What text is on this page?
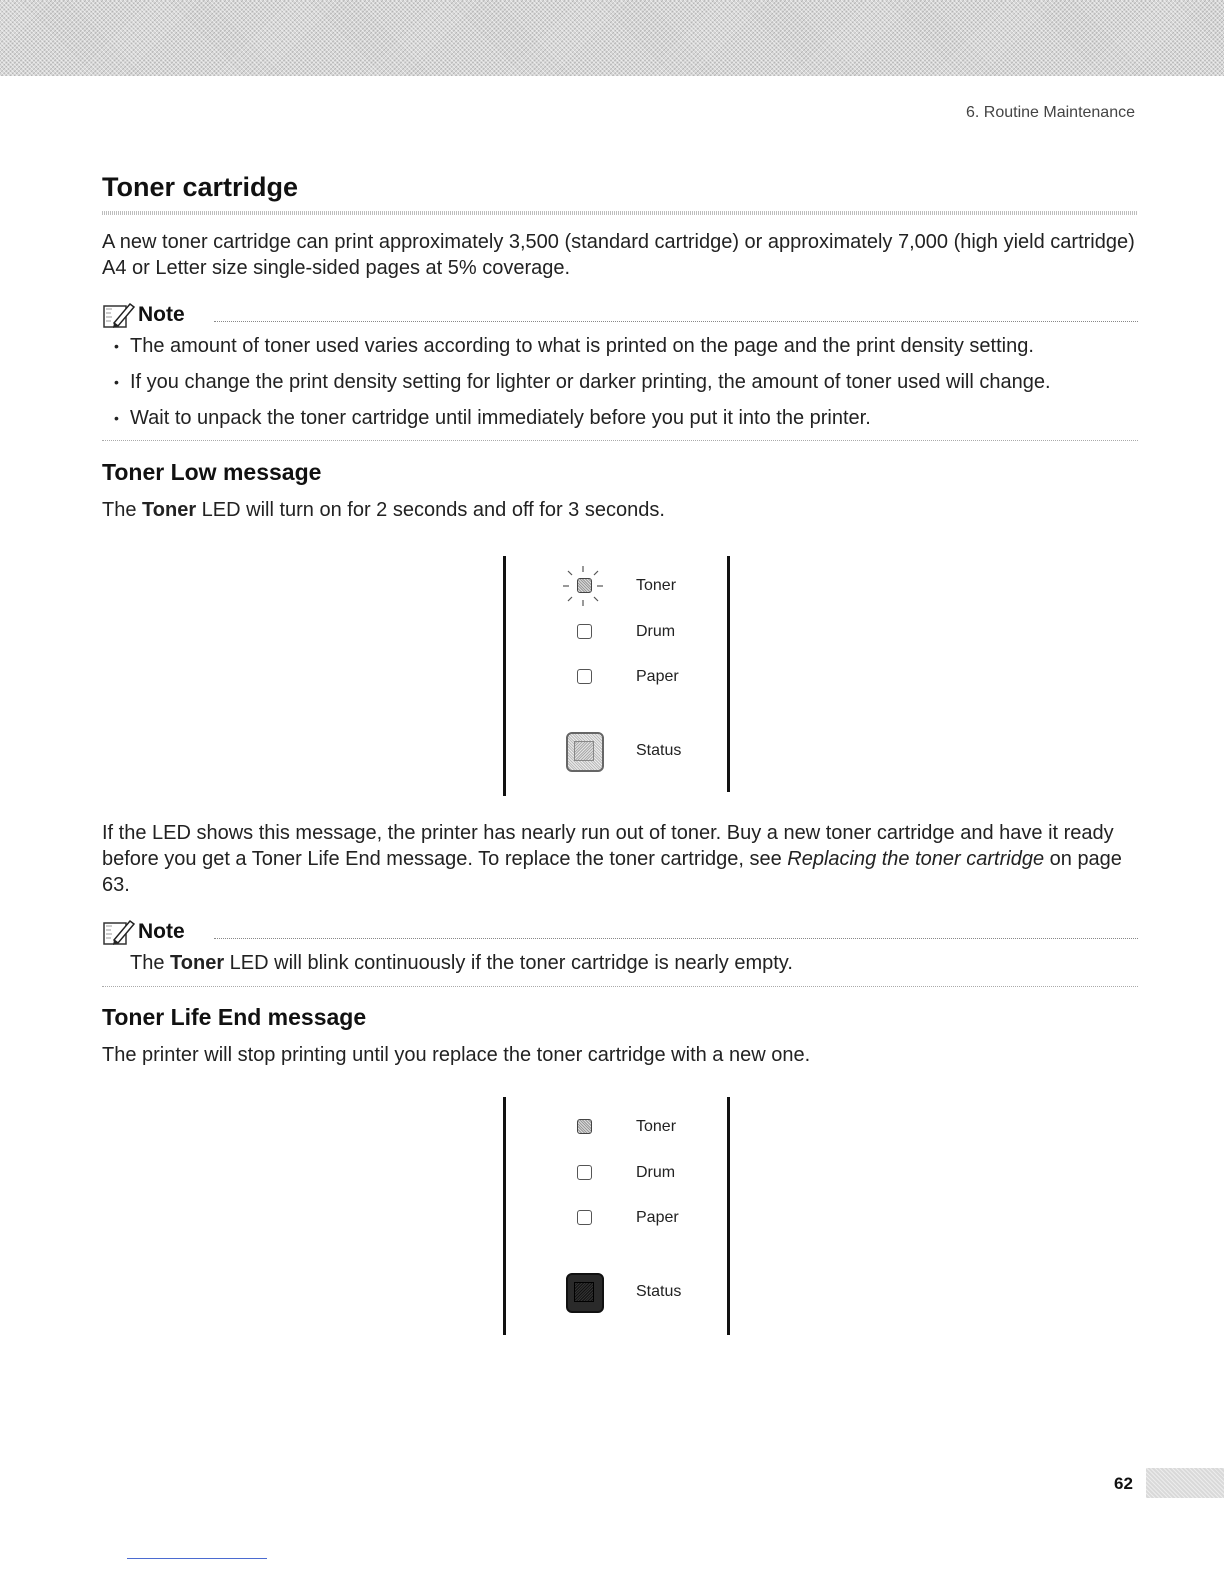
6. Routine Maintenance
Toner cartridge
A new toner cartridge can print approximately 3,500 (standard cartridge) or approximately 7,000 (high yield cartridge) A4 or Letter size single-sided pages at 5% coverage.
Note
• The amount of toner used varies according to what is printed on the page and the print density setting.
• If you change the print density setting for lighter or darker printing, the amount of toner used will change.
• Wait to unpack the toner cartridge until immediately before you put it into the printer.
Toner Low message
The Toner LED will turn on for 2 seconds and off for 3 seconds.
Toner
Drum
Paper
Status
If the LED shows this message, the printer has nearly run out of toner. Buy a new toner cartridge and have it ready before you get a Toner Life End message. To replace the toner cartridge, see Replacing the toner cartridge on page 63.
Note
The Toner LED will blink continuously if the toner cartridge is nearly empty.
Toner Life End message
The printer will stop printing until you replace the toner cartridge with a new one.
Toner
Drum
Paper
Status
62
